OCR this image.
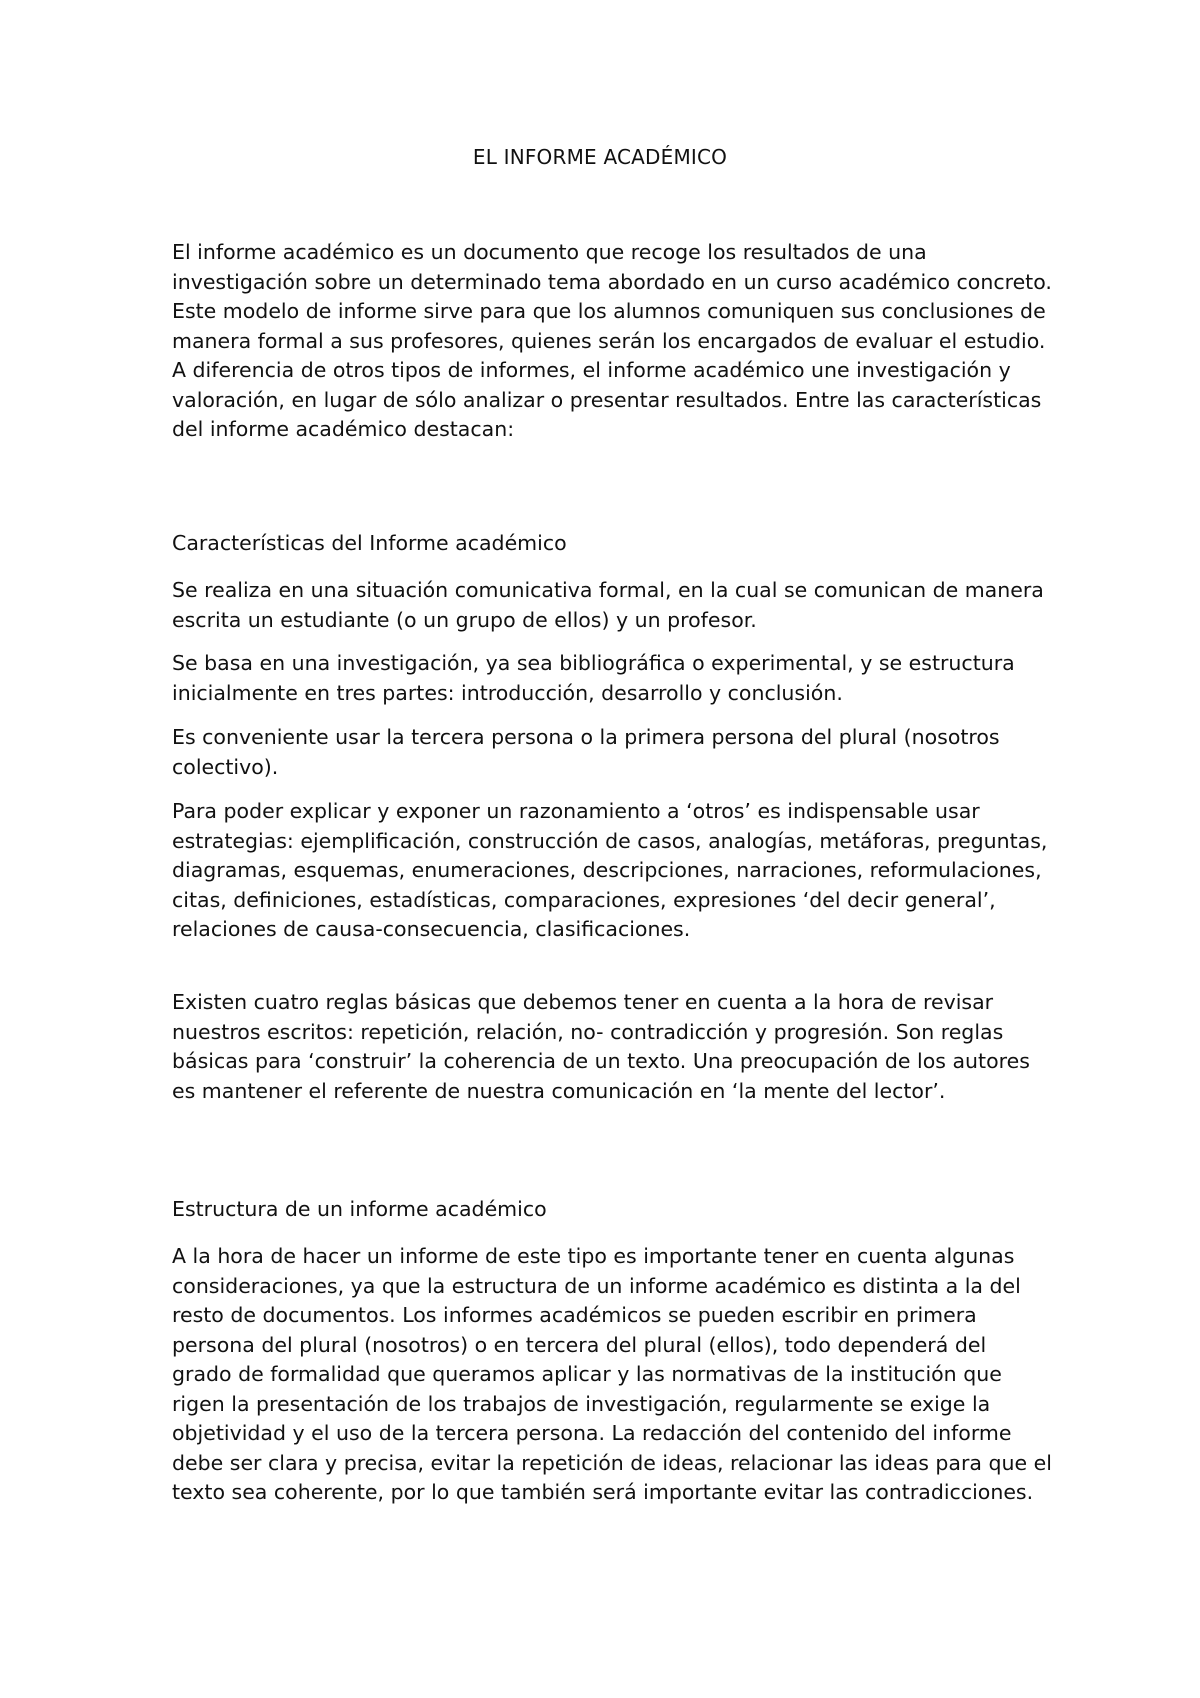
EL INFORME ACADÉMICO

El informe académico es un documento que recoge los resultados de una investigación sobre un determinado tema abordado en un curso académico concreto. Este modelo de informe sirve para que los alumnos comuniquen sus conclusiones de manera formal a sus profesores, quienes serán los encargados de evaluar el estudio. A diferencia de otros tipos de informes, el informe académico une investigación y valoración, en lugar de sólo analizar o presentar resultados. Entre las características del informe académico destacan:

Características del Informe académico

Se realiza en una situación comunicativa formal, en la cual se comunican de manera escrita un estudiante (o un grupo de ellos) y un profesor.

Se basa en una investigación, ya sea bibliográfica o experimental, y se estructura inicialmente en tres partes: introducción, desarrollo y conclusión.

Es conveniente usar la tercera persona o la primera persona del plural (nosotros colectivo).

Para poder explicar y exponer un razonamiento a ‘otros’ es indispensable usar estrategias: ejemplificación, construcción de casos, analogías, metáforas, preguntas, diagramas, esquemas, enumeraciones, descripciones, narraciones, reformulaciones, citas, definiciones, estadísticas, comparaciones, expresiones ‘del decir general’, relaciones de causa-consecuencia, clasificaciones.

Existen cuatro reglas básicas que debemos tener en cuenta a la hora de revisar nuestros escritos: repetición, relación, no- contradicción y progresión. Son reglas básicas para ‘construir’ la coherencia de un texto. Una preocupación de los autores es mantener el referente de nuestra comunicación en ‘la mente del lector’.

Estructura de un informe académico

A la hora de hacer un informe de este tipo es importante tener en cuenta algunas consideraciones, ya que la estructura de un informe académico es distinta a la del resto de documentos. Los informes académicos se pueden escribir en primera persona del plural (nosotros) o en tercera del plural (ellos), todo dependerá del grado de formalidad que queramos aplicar y las normativas de la institución que rigen la presentación de los trabajos de investigación, regularmente se exige la objetividad y el uso de la tercera persona. La redacción del contenido del informe debe ser clara y precisa, evitar la repetición de ideas, relacionar las ideas para que el texto sea coherente, por lo que también será importante evitar las contradicciones.
